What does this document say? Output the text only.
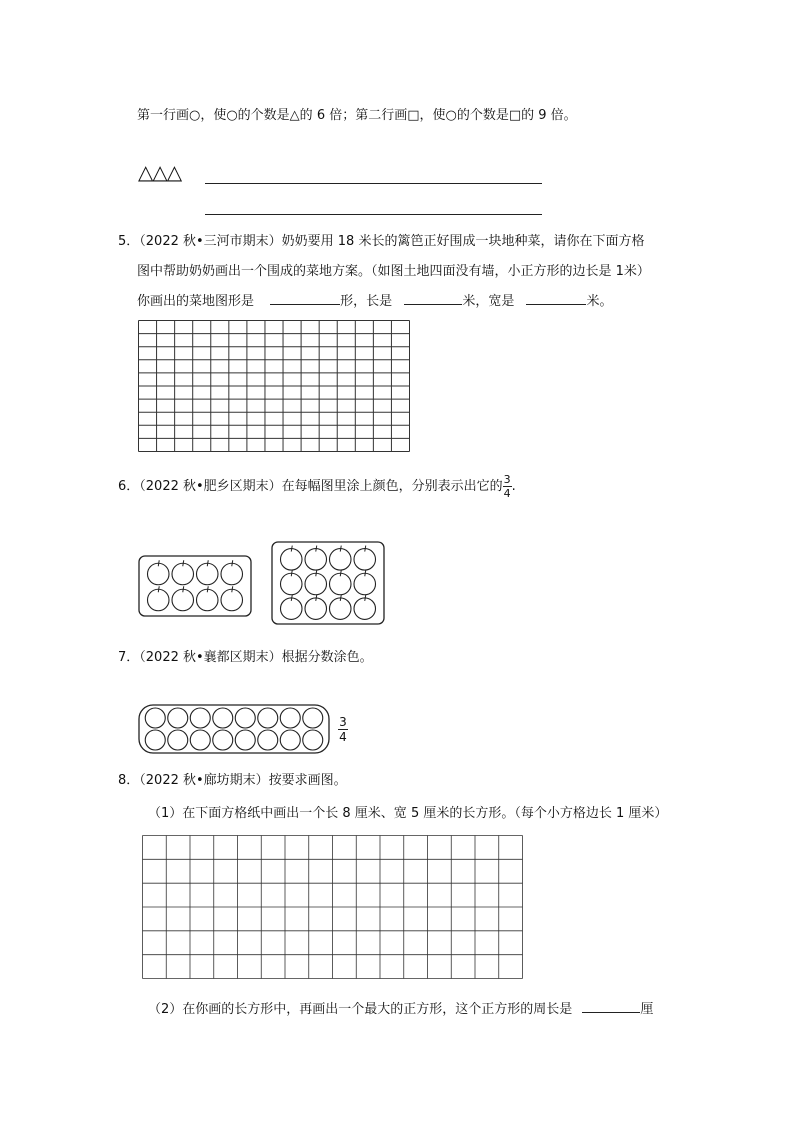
第一行画○，使○的个数是△的 6 倍；第二行画□，使○的个数是□的 9 倍。
△△△
5．（2022 秋•三河市期末）奶奶要用 18 米长的篱笆正好围成一块地种菜，请你在下面方格
图中帮助奶奶画出一个围成的菜地方案。（如图土地四面没有墙，小正方形的边长是 1米）
你画出的菜地图形是	形，长是	米，宽是	米。
6．（2022 秋•肥乡区期末）在每幅图里涂上颜色，分别表示出它的 $\frac{3}{4}$ .
7．（2022 秋•襄都区期末）根据分数涂色。
$\frac{3}{4}$
8．（2022 秋•廊坊期末）按要求画图。
（1）在下面方格纸中画出一个长 8 厘米、宽 5 厘米的长方形。（每个小方格边长 1 厘米）
（2）在你画的长方形中，再画出一个最大的正方形，这个正方形的周长是	厘
